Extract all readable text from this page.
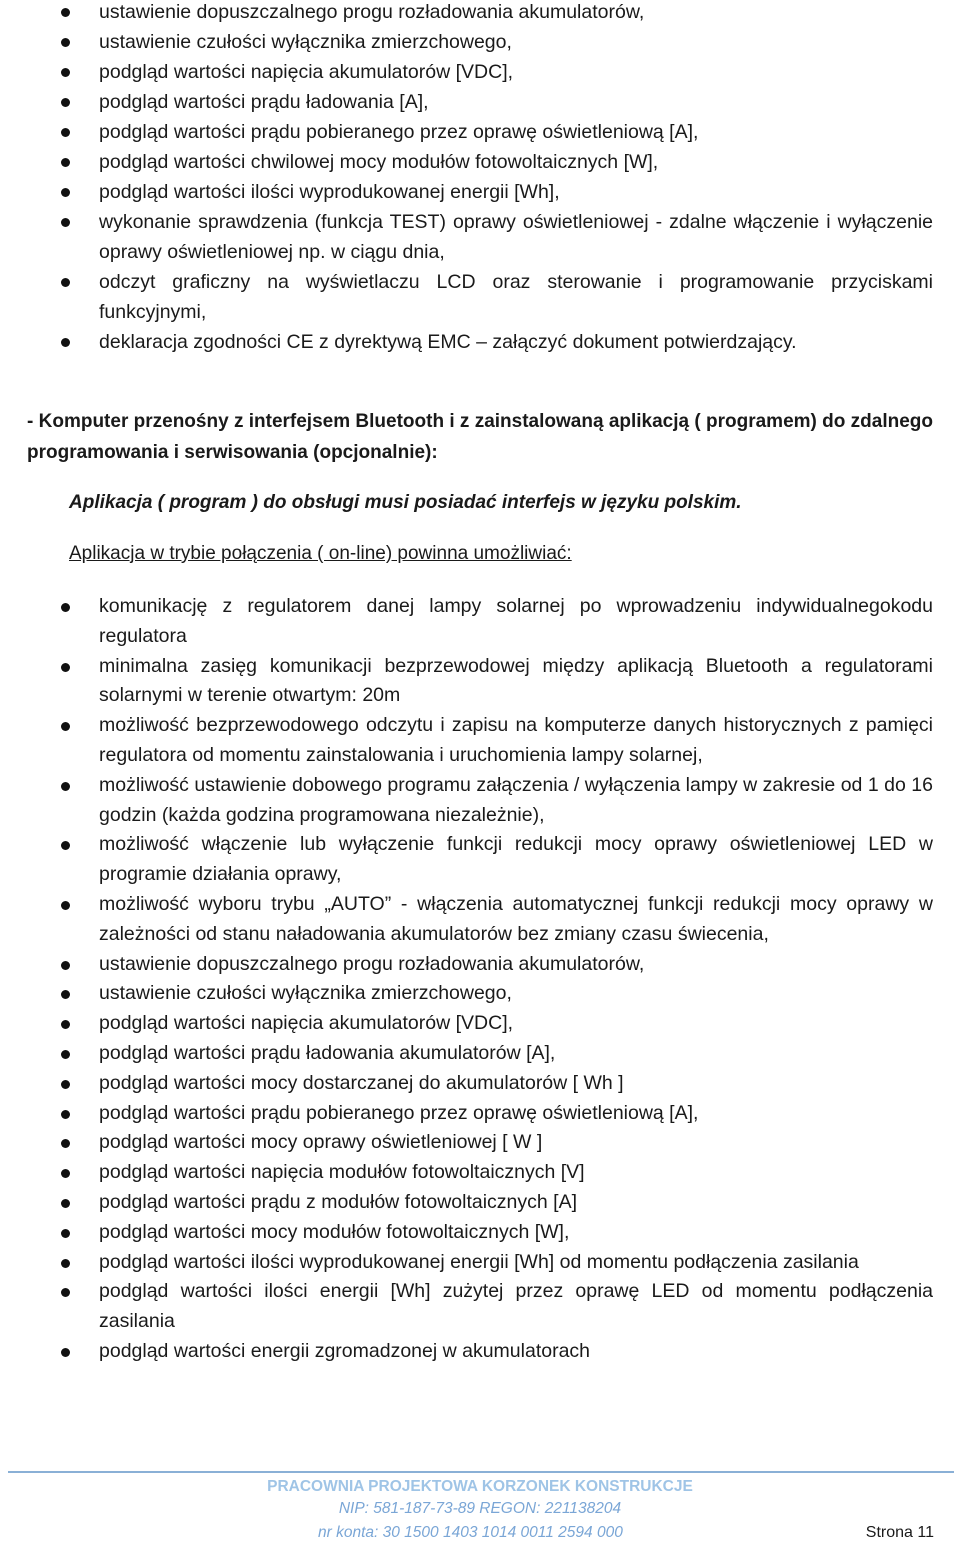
ustawienie dopuszczalnego progu rozładowania akumulatorów,
ustawienie czułości wyłącznika zmierzchowego,
podgląd wartości napięcia akumulatorów [VDC],
podgląd wartości prądu ładowania [A],
podgląd wartości prądu pobieranego przez oprawę oświetleniową [A],
podgląd wartości chwilowej mocy modułów fotowoltaicznych [W],
podgląd wartości ilości wyprodukowanej energii [Wh],
wykonanie sprawdzenia (funkcja TEST) oprawy oświetleniowej - zdalne włączenie i wyłączenie oprawy oświetleniowej np. w ciągu dnia,
odczyt graficzny na wyświetlaczu LCD oraz sterowanie i programowanie przyciskami funkcyjnymi,
deklaracja zgodności CE z dyrektywą EMC – załączyć dokument potwierdzający.
- Komputer przenośny z interfejsem Bluetooth i z zainstalowaną aplikacją ( programem) do zdalnego programowania i serwisowania (opcjonalnie):
Aplikacja ( program ) do obsługi musi posiadać interfejs w języku polskim.
Aplikacja w trybie połączenia ( on-line) powinna umożliwiać:
komunikację z regulatorem danej lampy solarnej po wprowadzeniu indywidualnegokodu regulatora
minimalna zasięg komunikacji bezprzewodowej między aplikacją Bluetooth a regulatorami solarnymi w terenie otwartym: 20m
możliwość bezprzewodowego odczytu i zapisu na komputerze danych historycznych z pamięci regulatora od momentu zainstalowania i uruchomienia lampy solarnej,
możliwość ustawienie dobowego programu załączenia / wyłączenia lampy w zakresie od 1 do 16 godzin (każda godzina programowana niezależnie),
możliwość włączenie lub wyłączenie funkcji redukcji mocy oprawy oświetleniowej LED w programie działania oprawy,
możliwość wyboru trybu „AUTO” - włączenia automatycznej funkcji redukcji mocy oprawy w zależności od stanu naładowania akumulatorów bez zmiany czasu świecenia,
ustawienie dopuszczalnego progu rozładowania akumulatorów,
ustawienie czułości wyłącznika zmierzchowego,
podgląd wartości napięcia akumulatorów [VDC],
podgląd wartości prądu ładowania akumulatorów [A],
podgląd wartości mocy dostarczanej do akumulatorów [ Wh ]
podgląd wartości prądu pobieranego przez oprawę oświetleniową [A],
podgląd wartości mocy oprawy oświetleniowej [ W ]
podgląd wartości napięcia modułów fotowoltaicznych [V]
podgląd wartości prądu z modułów fotowoltaicznych [A]
podgląd wartości mocy modułów fotowoltaicznych [W],
podgląd wartości ilości wyprodukowanej energii [Wh] od momentu podłączenia zasilania
podgląd wartości ilości energii [Wh] zużytej przez oprawę LED od momentu podłączenia zasilania
podgląd wartości energii zgromadzonej w akumulatorach
PRACOWNIA PROJEKTOWA KORZONEK KONSTRUKCJE
NIP: 581-187-73-89 REGON: 221138204
nr konta: 30 1500 1403 1014 0011 2594 000	Strona 11
